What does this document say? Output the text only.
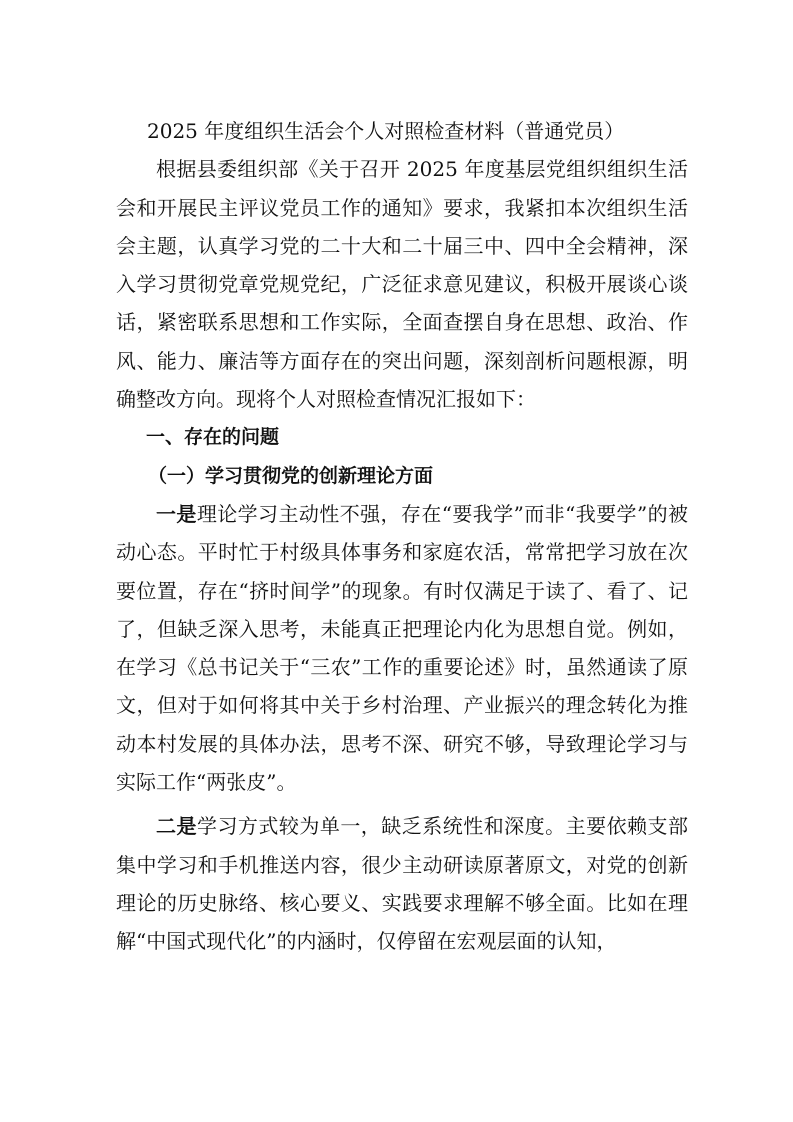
2025 年度组织生活会个人对照检查材料（普通党员）

根据县委组织部《关于召开 2025 年度基层党组织组织生活会和开展民主评议党员工作的通知》要求，我紧扣本次组织生活会主题，认真学习党的二十大和二十届三中、四中全会精神，深入学习贯彻党章党规党纪，广泛征求意见建议，积极开展谈心谈话，紧密联系思想和工作实际，全面查摆自身在思想、政治、作风、能力、廉洁等方面存在的突出问题，深刻剖析问题根源，明确整改方向。现将个人对照检查情况汇报如下：

一、存在的问题
（一）学习贯彻党的创新理论方面

一是理论学习主动性不强，存在“要我学”而非“我要学”的被动心态。平时忙于村级具体事务和家庭农活，常常把学习放在次要位置，存在“挤时间学”的现象。有时仅满足于读了、看了、记了，但缺乏深入思考，未能真正把理论内化为思想自觉。例如，在学习《总书记关于“三农”工作的重要论述》时，虽然通读了原文，但对于如何将其中关于乡村治理、产业振兴的理念转化为推动本村发展的具体办法，思考不深、研究不够，导致理论学习与实际工作“两张皮”。

二是学习方式较为单一，缺乏系统性和深度。主要依赖支部集中学习和手机推送内容，很少主动研读原著原文，对党的创新理论的历史脉络、核心要义、实践要求理解不够全面。比如在理解“中国式现代化”的内涵时，仅停留在宏观层面的认知，
